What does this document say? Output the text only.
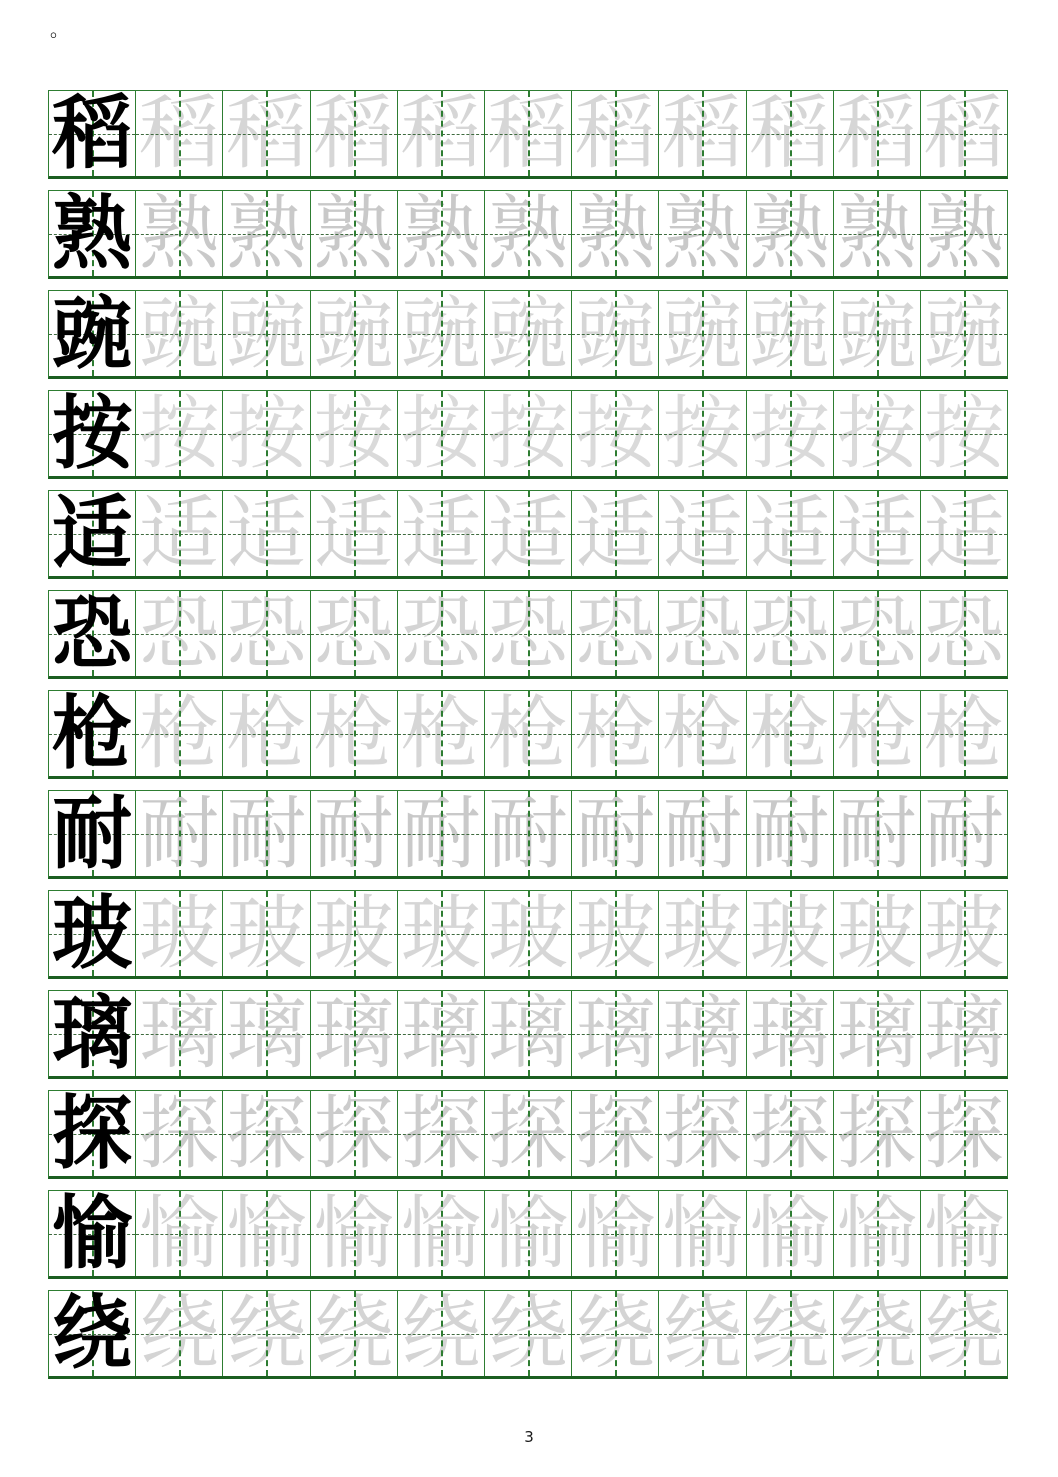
。
稻 稻 稻 稻 稻 稻 稻 稻 稻 稻 稻
熟 熟 熟 熟 熟 熟 熟 熟 熟 熟 熟
豌 豌 豌 豌 豌 豌 豌 豌 豌 豌 豌
按 按 按 按 按 按 按 按 按 按 按
适 适 适 适 适 适 适 适 适 适 适
恐 恐 恐 恐 恐 恐 恐 恐 恐 恐 恐
枪 枪 枪 枪 枪 枪 枪 枪 枪 枪 枪
耐 耐 耐 耐 耐 耐 耐 耐 耐 耐 耐
玻 玻 玻 玻 玻 玻 玻 玻 玻 玻 玻
璃 璃 璃 璃 璃 璃 璃 璃 璃 璃 璃
探 探 探 探 探 探 探 探 探 探 探
愉 愉 愉 愉 愉 愉 愉 愉 愉 愉 愉
绕 绕 绕 绕 绕 绕 绕 绕 绕 绕 绕
3
